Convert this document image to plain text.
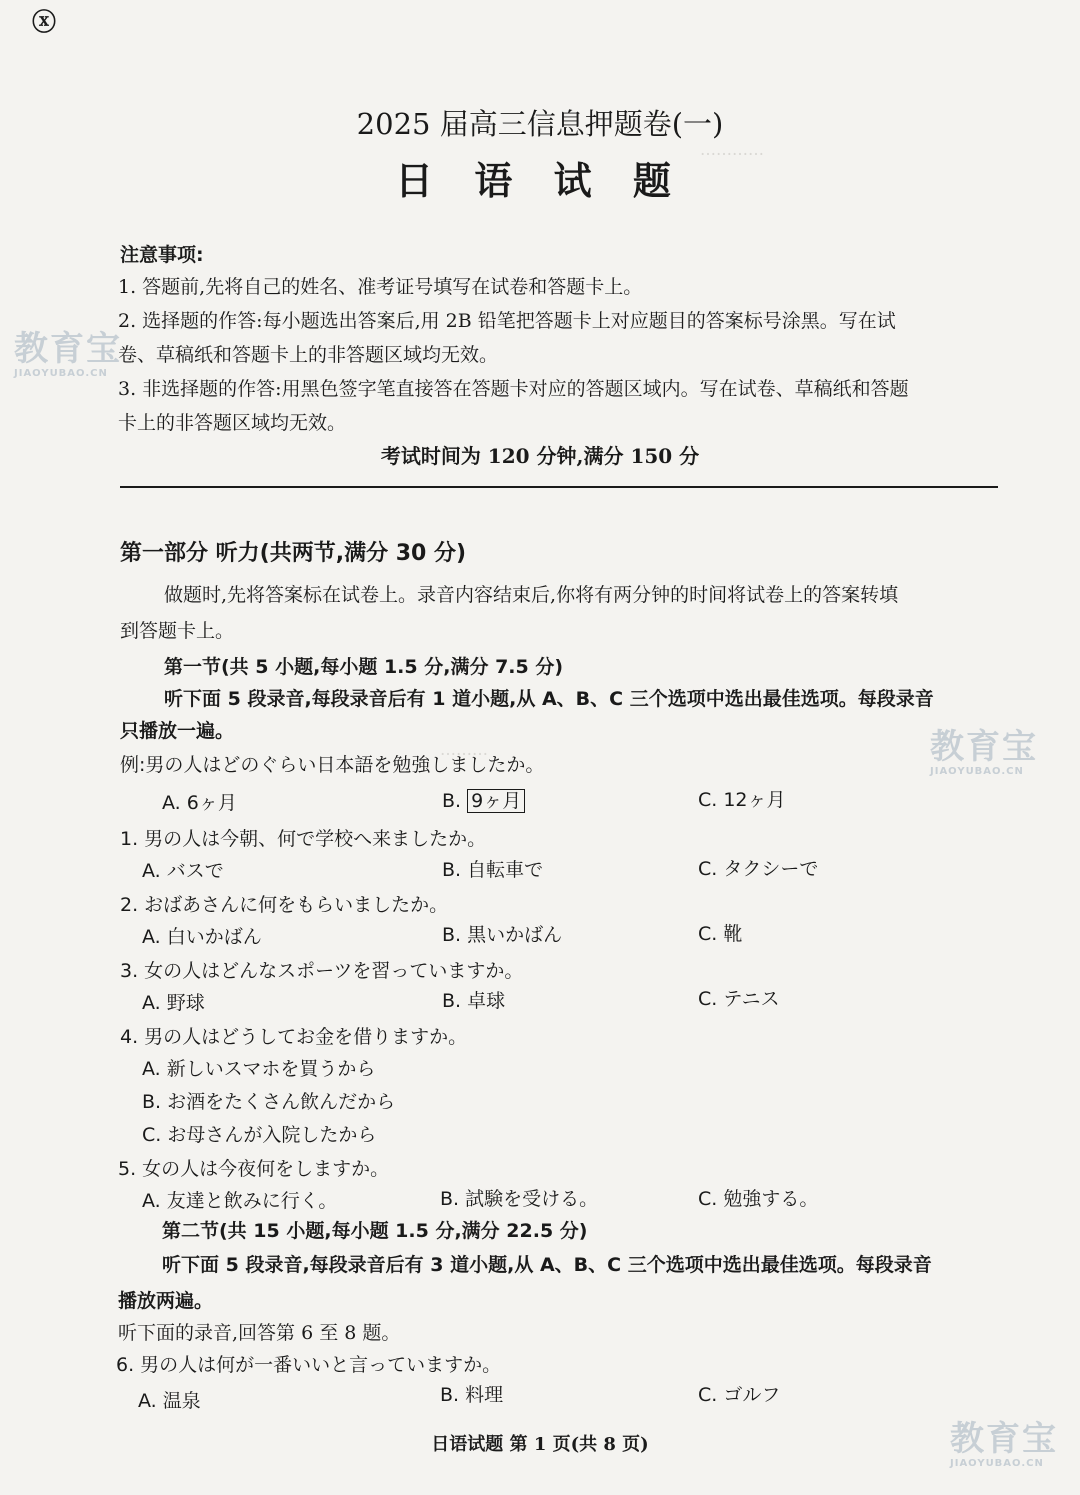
ⓧ
…………
………
教育宝
JIAOYUBAO.CN
教育宝
JIAOYUBAO.CN
教育宝
JIAOYUBAO.CN
2025 届高三信息押题卷(一)
日 语 试 题
注意事项:
1. 答题前,先将自己的姓名、准考证号填写在试卷和答题卡上。
2. 选择题的作答:每小题选出答案后,用 2B 铅笔把答题卡上对应题目的答案标号涂黑。写在试
卷、草稿纸和答题卡上的非答题区域均无效。
3. 非选择题的作答:用黑色签字笔直接答在答题卡对应的答题区域内。写在试卷、草稿纸和答题
卡上的非答题区域均无效。
考试时间为 120 分钟,满分 150 分
第一部分 听力(共两节,满分 30 分)
做题时,先将答案标在试卷上。录音内容结束后,你将有两分钟的时间将试卷上的答案转填
到答题卡上。
第一节(共 5 小题,每小题 1.5 分,满分 7.5 分)
听下面 5 段录音,每段录音后有 1 道小题,从 A、B、C 三个选项中选出最佳选项。每段录音
只播放一遍。
例:男の人はどのぐらい日本語を勉強しましたか。
A. 6ヶ月	B. 9ヶ月	C. 12ヶ月
1. 男の人は今朝、何で学校へ来ましたか。
A. バスで	B. 自転車で	C. タクシーで
2. おばあさんに何をもらいましたか。
A. 白いかばん	B. 黒いかばん	C. 靴
3. 女の人はどんなスポーツを習っていますか。
A. 野球	B. 卓球	C. テニス
4. 男の人はどうしてお金を借りますか。
A. 新しいスマホを買うから
B. お酒をたくさん飲んだから
C. お母さんが入院したから
5. 女の人は今夜何をしますか。
A. 友達と飲みに行く。	B. 試験を受ける。	C. 勉強する。
第二节(共 15 小题,每小题 1.5 分,满分 22.5 分)
听下面 5 段录音,每段录音后有 3 道小题,从 A、B、C 三个选项中选出最佳选项。每段录音
播放两遍。
听下面的录音,回答第 6 至 8 题。
6. 男の人は何が一番いいと言っていますか。
A. 温泉	B. 料理	C. ゴルフ
日语试题 第 1 页(共 8 页)
